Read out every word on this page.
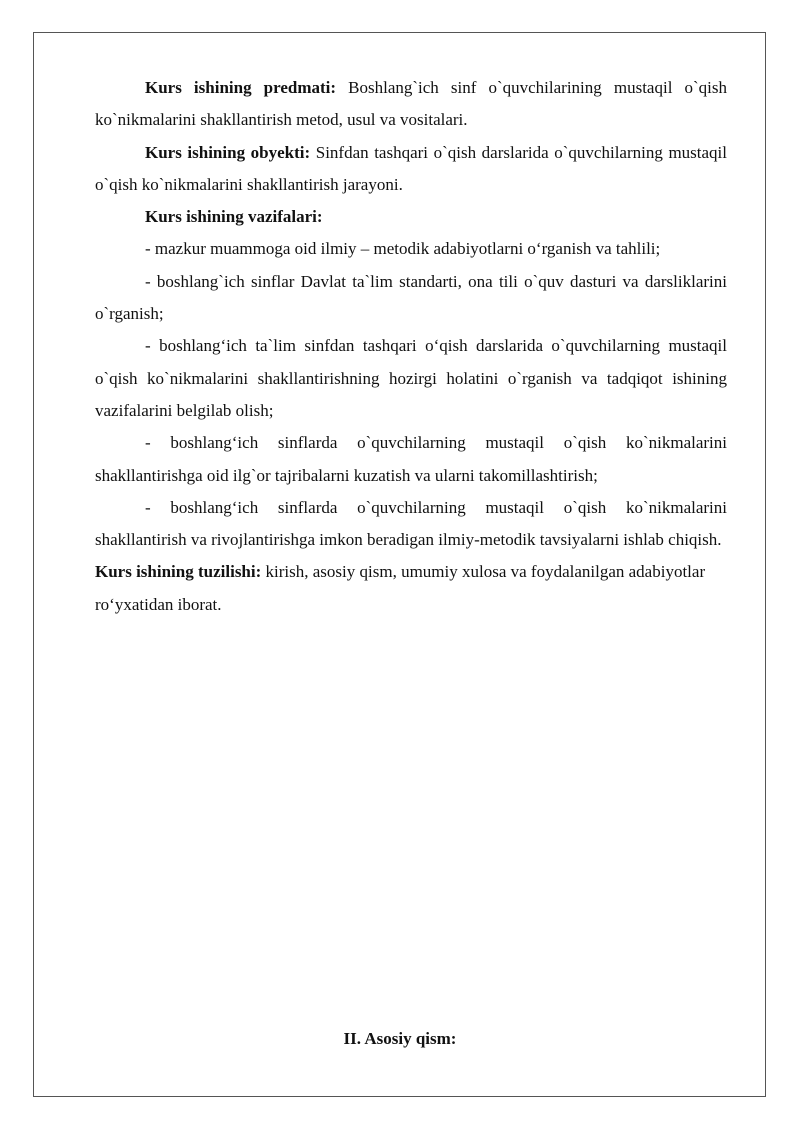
Kurs ishining predmati: Boshlang`ich sinf o`quvchilarining mustaqil o`qish ko`nikmalarini shakllantirish metod, usul va vositalari.

Kurs ishining obyekti: Sinfdan tashqari o`qish darslarida o`quvchilarning mustaqil o`qish ko`nikmalarini shakllantirish jarayoni.

Kurs ishining vazifalari:

- mazkur muammoga oid ilmiy – metodik adabiyotlarni o‘rganish va tahlili;

- boshlang`ich sinflar Davlat ta`lim standarti, ona tili o`quv dasturi va darsliklarini o`rganish;

- boshlang‘ich ta`lim sinfdan tashqari o‘qish darslarida o`quvchilarning mustaqil o`qish ko`nikmalarini shakllantirishning hozirgi holatini o`rganish va tadqiqot ishining vazifalarini belgilab olish;

- boshlang‘ich sinflarda o`quvchilarning mustaqil o`qish ko`nikmalarini shakllantirishga oid ilg`or tajribalarni kuzatish va ularni takomillashtirish;

- boshlang‘ich sinflarda o`quvchilarning mustaqil o`qish ko`nikmalarini shakllantirish va rivojlantirishga imkon beradigan ilmiy-metodik tavsiyalarni ishlab chiqish.

Kurs ishining tuzilishi: kirish, asosiy qism, umumiy xulosa va foydalanilgan adabiyotlar ro‘yxatidan iborat.

II. Asosiy qism:
